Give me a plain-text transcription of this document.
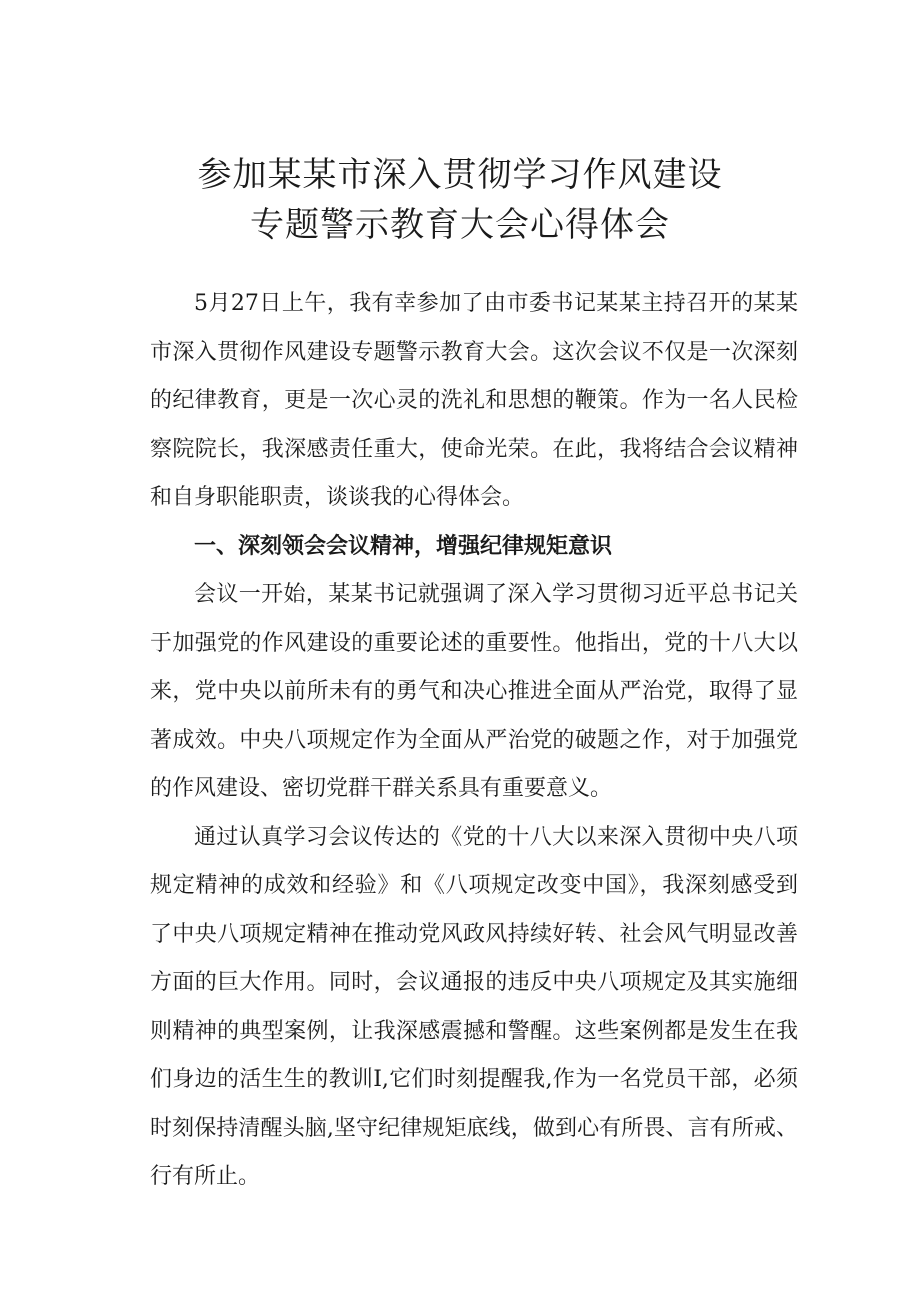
参加某某市深入贯彻学习作风建设
专题警示教育大会心得体会

5月27日上午，我有幸参加了由市委书记某某主持召开的某某市深入贯彻作风建设专题警示教育大会。这次会议不仅是一次深刻的纪律教育，更是一次心灵的洗礼和思想的鞭策。作为一名人民检察院院长，我深感责任重大，使命光荣。在此，我将结合会议精神和自身职能职责，谈谈我的心得体会。

一、深刻领会会议精神，增强纪律规矩意识

会议一开始，某某书记就强调了深入学习贯彻习近平总书记关于加强党的作风建设的重要论述的重要性。他指出，党的十八大以来，党中央以前所未有的勇气和决心推进全面从严治党，取得了显著成效。中央八项规定作为全面从严治党的破题之作，对于加强党的作风建设、密切党群干群关系具有重要意义。

通过认真学习会议传达的《党的十八大以来深入贯彻中央八项规定精神的成效和经验》和《八项规定改变中国》，我深刻感受到了中央八项规定精神在推动党风政风持续好转、社会风气明显改善方面的巨大作用。同时，会议通报的违反中央八项规定及其实施细则精神的典型案例，让我深感震撼和警醒。这些案例都是发生在我们身边的活生生的教训I,它们时刻提醒我,作为一名党员干部，必须时刻保持清醒头脑,坚守纪律规矩底线，做到心有所畏、言有所戒、行有所止。
